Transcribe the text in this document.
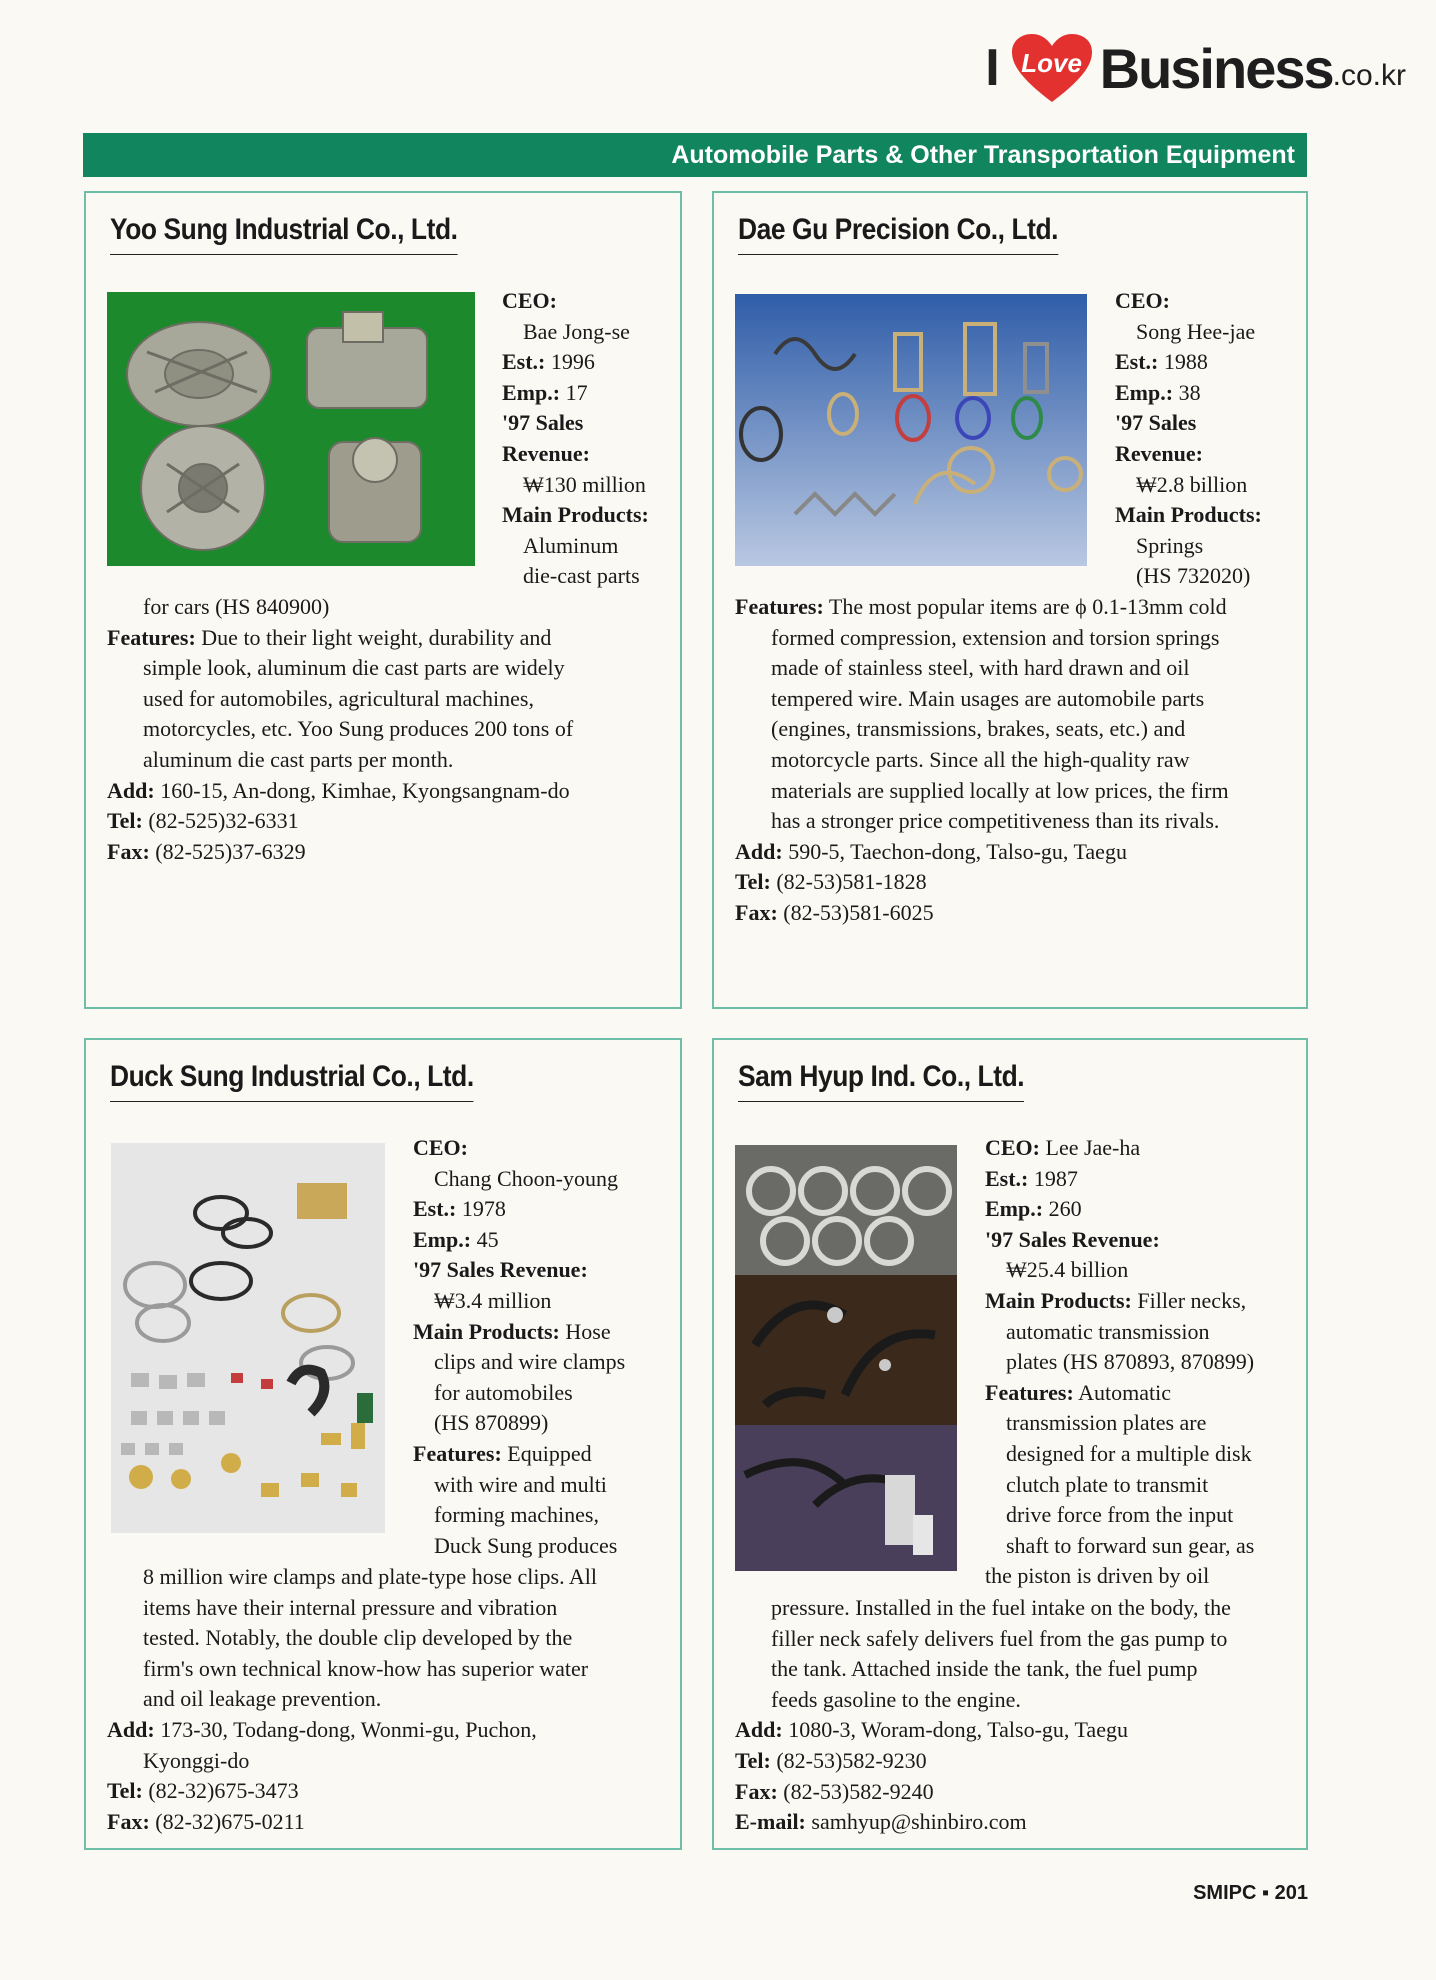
I Love Business .co.kr
Automobile Parts & Other Transportation Equipment
Yoo Sung Industrial Co., Ltd.
CEO:
Bae Jong-se
Est.: 1996
Emp.: 17
'97 Sales
Revenue:
₩130 million
Main Products:
Aluminum
die-cast parts
for cars (HS 840900)

Features: Due to their light weight, durability and

simple look, aluminum die cast parts are widely
used for automobiles, agricultural machines,
motorcycles, etc. Yoo Sung produces 200 tons of
aluminum die cast parts per month.

Add: 160-15, An-dong, Kimhae, Kyongsangnam-do

Tel: (82-525)32-6331

Fax: (82-525)37-6329

Dae Gu Precision Co., Ltd.
CEO:
Song Hee-jae
Est.: 1988
Emp.: 38
'97 Sales
Revenue:
₩2.8 billion
Main Products:
Springs
(HS 732020)

Features: The most popular items are ϕ 0.1-13mm cold

formed compression, extension and torsion springs
made of stainless steel, with hard drawn and oil
tempered wire. Main usages are automobile parts
(engines, transmissions, brakes, seats, etc.) and
motorcycle parts. Since all the high-quality raw
materials are supplied locally at low prices, the firm
has a stronger price competitiveness than its rivals.

Add: 590-5, Taechon-dong, Talso-gu, Taegu

Tel: (82-53)581-1828

Fax: (82-53)581-6025

Duck Sung Industrial Co., Ltd.
CEO:
Chang Choon-young
Est.: 1978
Emp.: 45
'97 Sales Revenue:
₩3.4 million
Main Products: Hose
clips and wire clamps
for automobiles
(HS 870899)
Features: Equipped
with wire and multi
forming machines,
Duck Sung produces
8 million wire clamps and plate-type hose clips. All
items have their internal pressure and vibration
tested. Notably, the double clip developed by the
firm's own technical know-how has superior water
and oil leakage prevention.

Add: 173-30, Todang-dong, Wonmi-gu, Puchon,

Kyonggi-do

Tel: (82-32)675-3473

Fax: (82-32)675-0211

Sam Hyup Ind. Co., Ltd.
CEO: Lee Jae-ha
Est.: 1987
Emp.: 260
'97 Sales Revenue:
₩25.4 billion
Main Products: Filler necks,
automatic transmission
plates (HS 870893, 870899)
Features: Automatic
transmission plates are
designed for a multiple disk
clutch plate to transmit
drive force from the input
shaft to forward sun gear, as
the piston is driven by oil
pressure. Installed in the fuel intake on the body, the
filler neck safely delivers fuel from the gas pump to
the tank. Attached inside the tank, the fuel pump
feeds gasoline to the engine.

Add: 1080-3, Woram-dong, Talso-gu, Taegu

Tel: (82-53)582-9230

Fax: (82-53)582-9240

E-mail: samhyup@shinbiro.com

SMIPC ▪ 201
